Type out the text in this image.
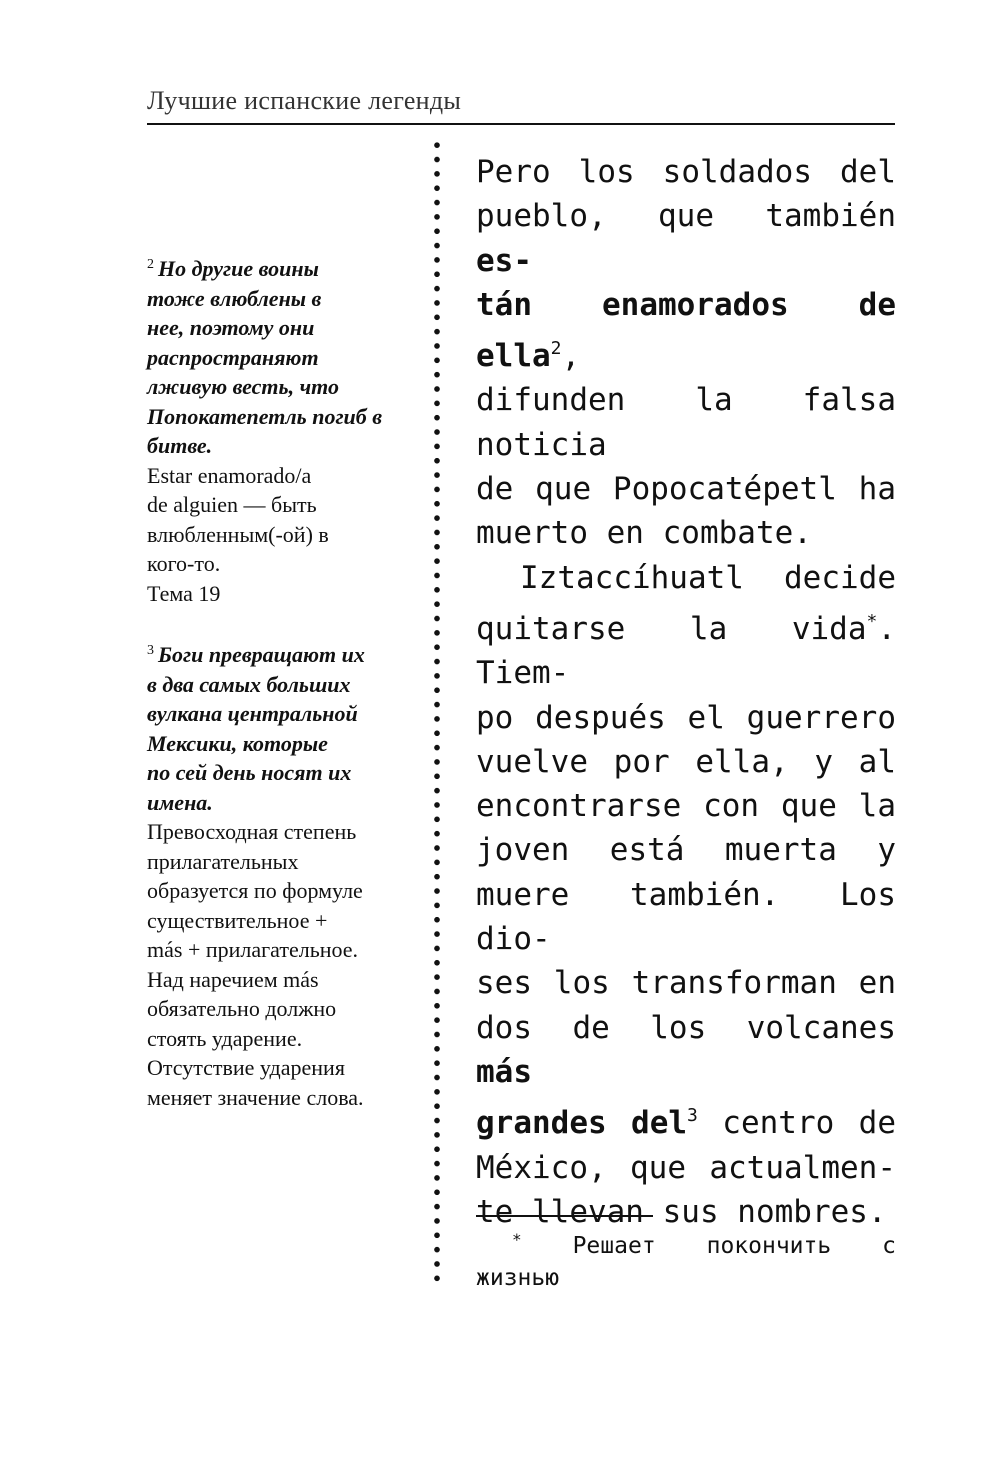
Лучшие испанские легенды

$^2$ Но другие воины
тоже влюблены в
нее, поэтому они
распространяют
лживую весть, что
Попокатепетль погиб в
битве.
Estar enamorado/a
de alguien — быть
влюбленным(-ой) в
кого-то.
Тема 19

$^3$ Боги превращают их
в два самых больших
вулкана центральной
Мексики, которые
по сей день носят их
имена.
Превосходная степень
прилагательных
образуется по формуле
существительное +
más + прилагательное.
Над наречием más
обязательно должно
стоять ударение.
Отсутствие ударения
меняет значение слова.

Pero los soldados del
pueblo, que también es-
tán enamorados de ella$^2$,
difunden la falsa noticia
de que Popocatépetl ha
muerto en combate.
Iztaccíhuatl decide
quitarse la vida*. Tiem-
po después el guerrero
vuelve por ella, y al
encontrarse con que la
joven está muerta y
muere también. Los dio-
ses los transforman en
dos de los volcanes más
grandes del$^3$ centro de
México, que actualmen-
te llevan sus nombres.
* Решает покончить с
жизнью
